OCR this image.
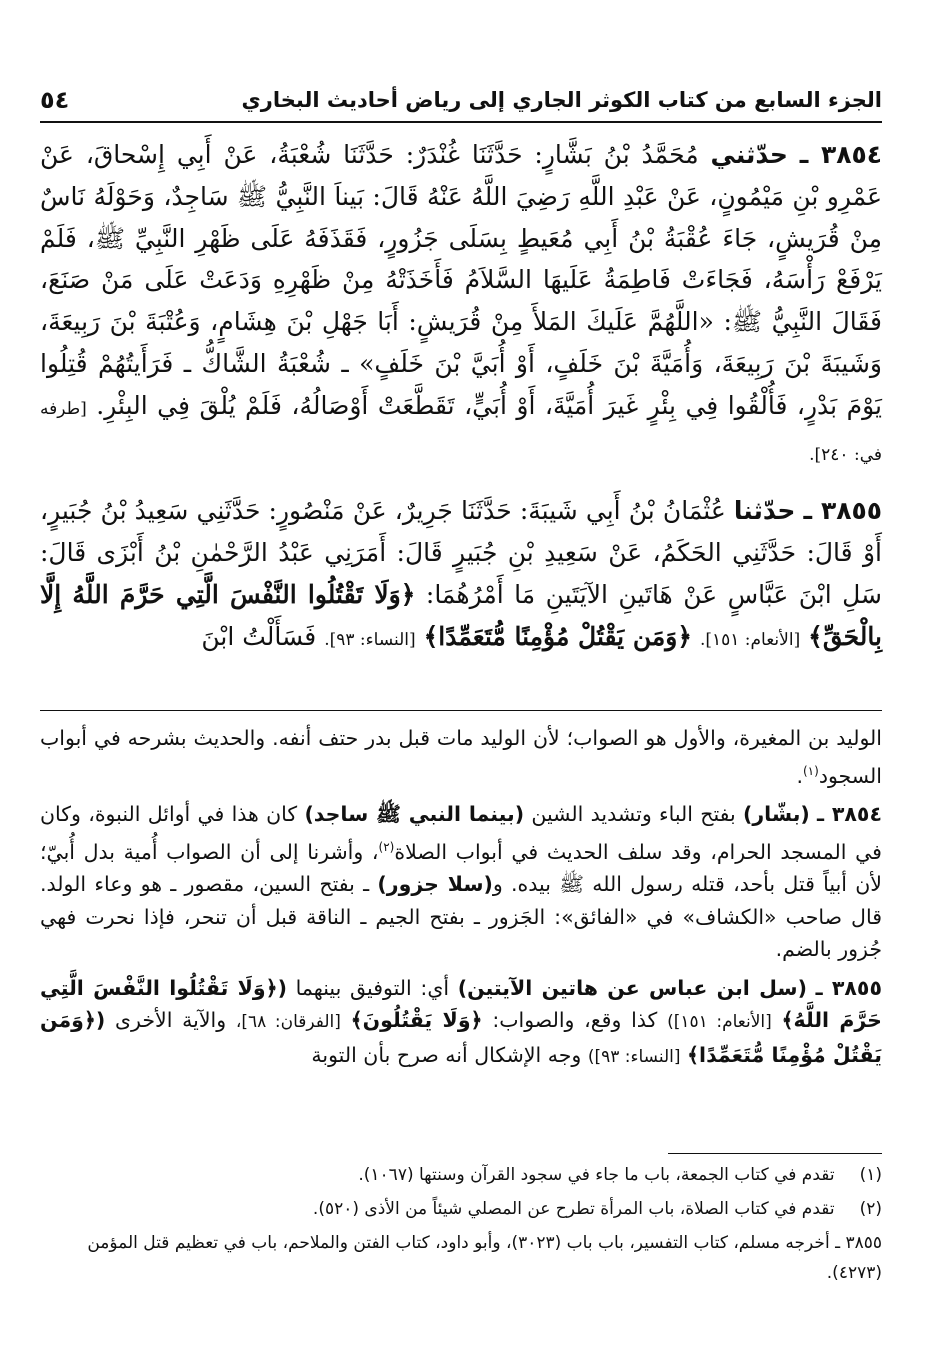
الجزء السابع من كتاب الكوثر الجاري إلى رياض أحاديث البخاري
٥٤

٣٨٥٤ ـ حدّثني مُحَمَّدُ بْنُ بَشَّارٍ: حَدَّثَنَا غُنْدَرٌ: حَدَّثَنَا شُعْبَةُ، عَنْ أَبِي إِسْحاقَ، عَنْ عَمْرِو بْنِ مَيْمُونٍ، عَنْ عَبْدِ اللَّهِ رَضِيَ اللَّهُ عَنْهُ قَالَ: بَيناَ النَّبِيُّ ﷺ سَاجِدٌ، وَحَوْلَهُ نَاسٌ مِنْ قُرَيشٍ، جَاءَ عُقْبَةُ بْنُ أَبِي مُعَيطٍ بِسَلَى جَزُورٍ، فَقَذَفَهُ عَلَى ظَهْرِ النَّبِيِّ ﷺ، فَلَمْ يَرْفَعْ رَأْسَهُ، فَجَاءَتْ فَاطِمَةُ عَلَيهَا السَّلاَمُ فَأَخَذَتْهُ مِنْ ظَهْرِهِ وَدَعَتْ عَلَى مَنْ صَنَعَ، فَقَالَ النَّبِيُّ ﷺ: «اللَّهُمَّ عَلَيكَ المَلأَ مِنْ قُرَيشٍ: أَبَا جَهْلِ بْنَ هِشَامٍ، وَعُتْبَةَ بْنَ رَبِيعَةَ، وَشَيبَةَ بْنَ رَبِيعَةَ، وَأُمَيَّةَ بْنَ خَلَفٍ، أَوْ أُبَيَّ بْنَ خَلَفٍ» ـ شُعْبَةُ الشَّاكُّ ـ فَرَأَيتُهُمْ قُتِلُوا يَوْمَ بَدْرٍ، فَأُلْقُوا فِي بِئْرٍ غَيرَ أُمَيَّةَ، أَوْ أُبَيٍّ، تَقَطَّعَتْ أَوْصَالُهُ، فَلَمْ يُلْقَ فِي البِئْرِ. [طرفه في: ٢٤٠].

٣٨٥٥ ـ حدّثنا عُثْمَانُ بْنُ أَبِي شَيبَةَ: حَدَّثَنَا جَرِيرٌ، عَنْ مَنْصُورٍ: حَدَّثَنِي سَعِيدُ بْنُ جُبَيرٍ، أَوْ قَالَ: حَدَّثَنِي الحَكَمُ، عَنْ سَعِيدِ بْنِ جُبَيرٍ قَالَ: أَمَرَنِي عَبْدُ الرَّحْمٰنِ بْنُ أَبْزَى قَالَ: سَلِ ابْنَ عَبَّاسٍ عَنْ هَاتَينِ الآيَتَينِ مَا أَمْرُهُمَا: ﴿وَلَا تَقْتُلُوا النَّفْسَ الَّتِي حَرَّمَ اللَّهُ إِلَّا بِالْحَقِّ﴾ [الأنعام: ١٥١]. ﴿وَمَن يَقْتُلْ مُؤْمِنًا مُّتَعَمِّدًا﴾ [النساء: ٩٣]. فَسَأَلْتُ ابْنَ

الوليد بن المغيرة، والأول هو الصواب؛ لأن الوليد مات قبل بدر حتف أنفه. والحديث بشرحه في أبواب السجود$^{(١)}$.

٣٨٥٤ ـ (بشّار) بفتح الباء وتشديد الشين (بينما النبي ﷺ ساجد) كان هذا في أوائل النبوة، وكان في المسجد الحرام، وقد سلف الحديث في أبواب الصلاة$^{(٢)}$، وأشرنا إلى أن الصواب أُمية بدل أُبيّ؛ لأن أبياً قتل بأحد، قتله رسول الله ﷺ بيده. و(سلا جزور) ـ بفتح السين، مقصور ـ هو وعاء الولد. قال صاحب «الكشاف» في «الفائق»: الجَزور ـ بفتح الجيم ـ الناقة قبل أن تنحر، فإذا نحرت فهي جُزور بالضم.

٣٨٥٥ ـ (سل ابن عباس عن هاتين الآيتين) أي: التوفيق بينهما (﴿وَلَا تَقْتُلُوا النَّفْسَ الَّتِي حَرَّمَ اللَّهُ﴾ [الأنعام: ١٥١]) كذا وقع، والصواب: ﴿وَلَا يَقْتُلُونَ﴾ [الفرقان: ٦٨]، والآية الأخرى (﴿وَمَن يَقْتُلْ مُؤْمِنًا مُّتَعَمِّدًا﴾ [النساء: ٩٣]) وجه الإشكال أنه صرح بأن التوبة

(١) تقدم في كتاب الجمعة، باب ما جاء في سجود القرآن وسنتها (١٠٦٧).

(٢) تقدم في كتاب الصلاة، باب المرأة تطرح عن المصلي شيئاً من الأذى (٥٢٠).

٣٨٥٥ ـ أخرجه مسلم، كتاب التفسير، باب باب (٣٠٢٣)، وأبو داود، كتاب الفتن والملاحم، باب في تعظيم قتل المؤمن (٤٢٧٣).
